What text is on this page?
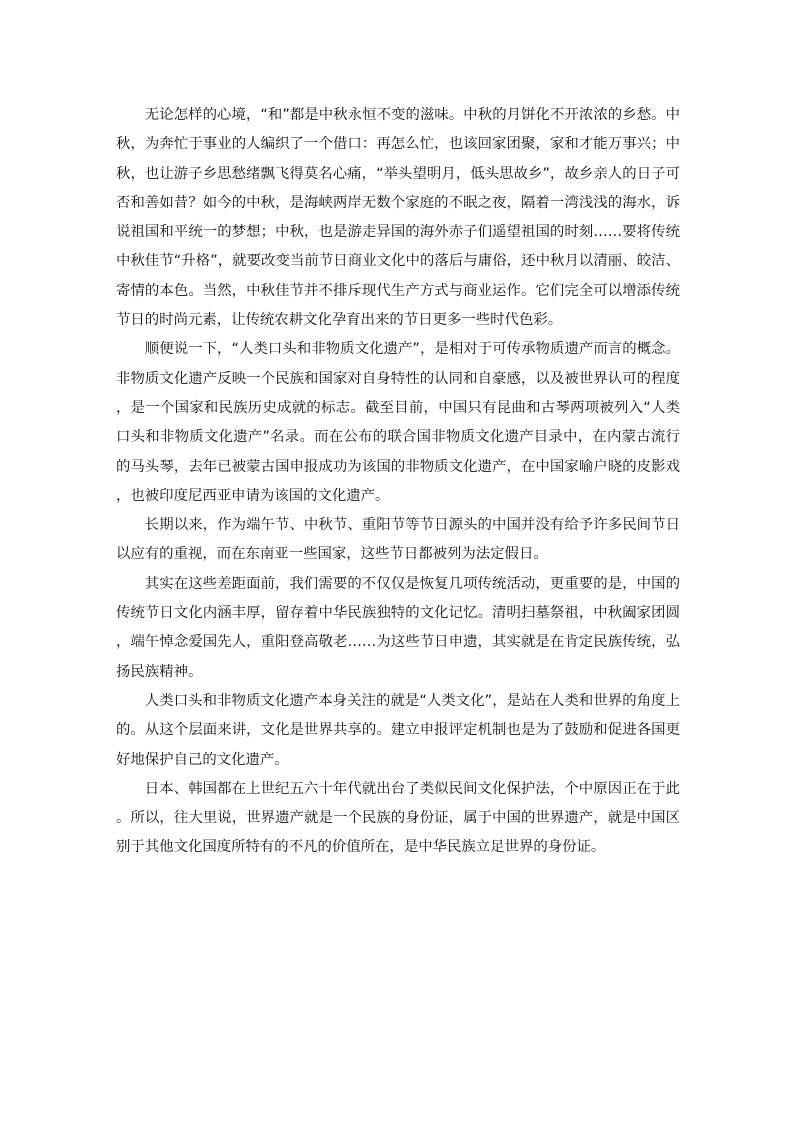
无论怎样的心境，“和”都是中秋永恒不变的滋味。中秋的月饼化不开浓浓的乡愁。中秋，为奔忙于事业的人编织了一个借口：再怎么忙，也该回家团聚，家和才能万事兴；中秋，也让游子乡思愁绪飘飞得莫名心痛，“举头望明月，低头思故乡”，故乡亲人的日子可否和善如昔？如今的中秋，是海峡两岸无数个家庭的不眠之夜，隔着一湾浅浅的海水，诉说祖国和平统一的梦想；中秋，也是游走异国的海外赤子们遥望祖国的时刻……要将传统中秋佳节“升格”，就要改变当前节日商业文化中的落后与庸俗，还中秋月以清丽、皎洁、寄情的本色。当然，中秋佳节并不排斥现代生产方式与商业运作。它们完全可以增添传统节日的时尚元素，让传统农耕文化孕育出来的节日更多一些时代色彩。

顺便说一下，“人类口头和非物质文化遗产”，是相对于可传承物质遗产而言的概念。非物质文化遗产反映一个民族和国家对自身特性的认同和自豪感，以及被世界认可的程度，是一个国家和民族历史成就的标志。截至目前，中国只有昆曲和古琴两项被列入“人类口头和非物质文化遗产”名录。而在公布的联合国非物质文化遗产目录中，在内蒙古流行的马头琴，去年已被蒙古国申报成功为该国的非物质文化遗产，在中国家喻户晓的皮影戏，也被印度尼西亚申请为该国的文化遗产。

长期以来，作为端午节、中秋节、重阳节等节日源头的中国并没有给予许多民间节日以应有的重视，而在东南亚一些国家，这些节日都被列为法定假日。

其实在这些差距面前，我们需要的不仅仅是恢复几项传统活动，更重要的是，中国的传统节日文化内涵丰厚，留存着中华民族独特的文化记忆。清明扫墓祭祖，中秋阖家团圆，端午悼念爱国先人，重阳登高敬老……为这些节日申遗，其实就是在肯定民族传统，弘扬民族精神。

人类口头和非物质文化遗产本身关注的就是“人类文化”，是站在人类和世界的角度上的。从这个层面来讲，文化是世界共享的。建立申报评定机制也是为了鼓励和促进各国更好地保护自己的文化遗产。

日本、韩国都在上世纪五六十年代就出台了类似民间文化保护法，个中原因正在于此。所以，往大里说，世界遗产就是一个民族的身份证，属于中国的世界遗产，就是中国区别于其他文化国度所特有的不凡的价值所在，是中华民族立足世界的身份证。
